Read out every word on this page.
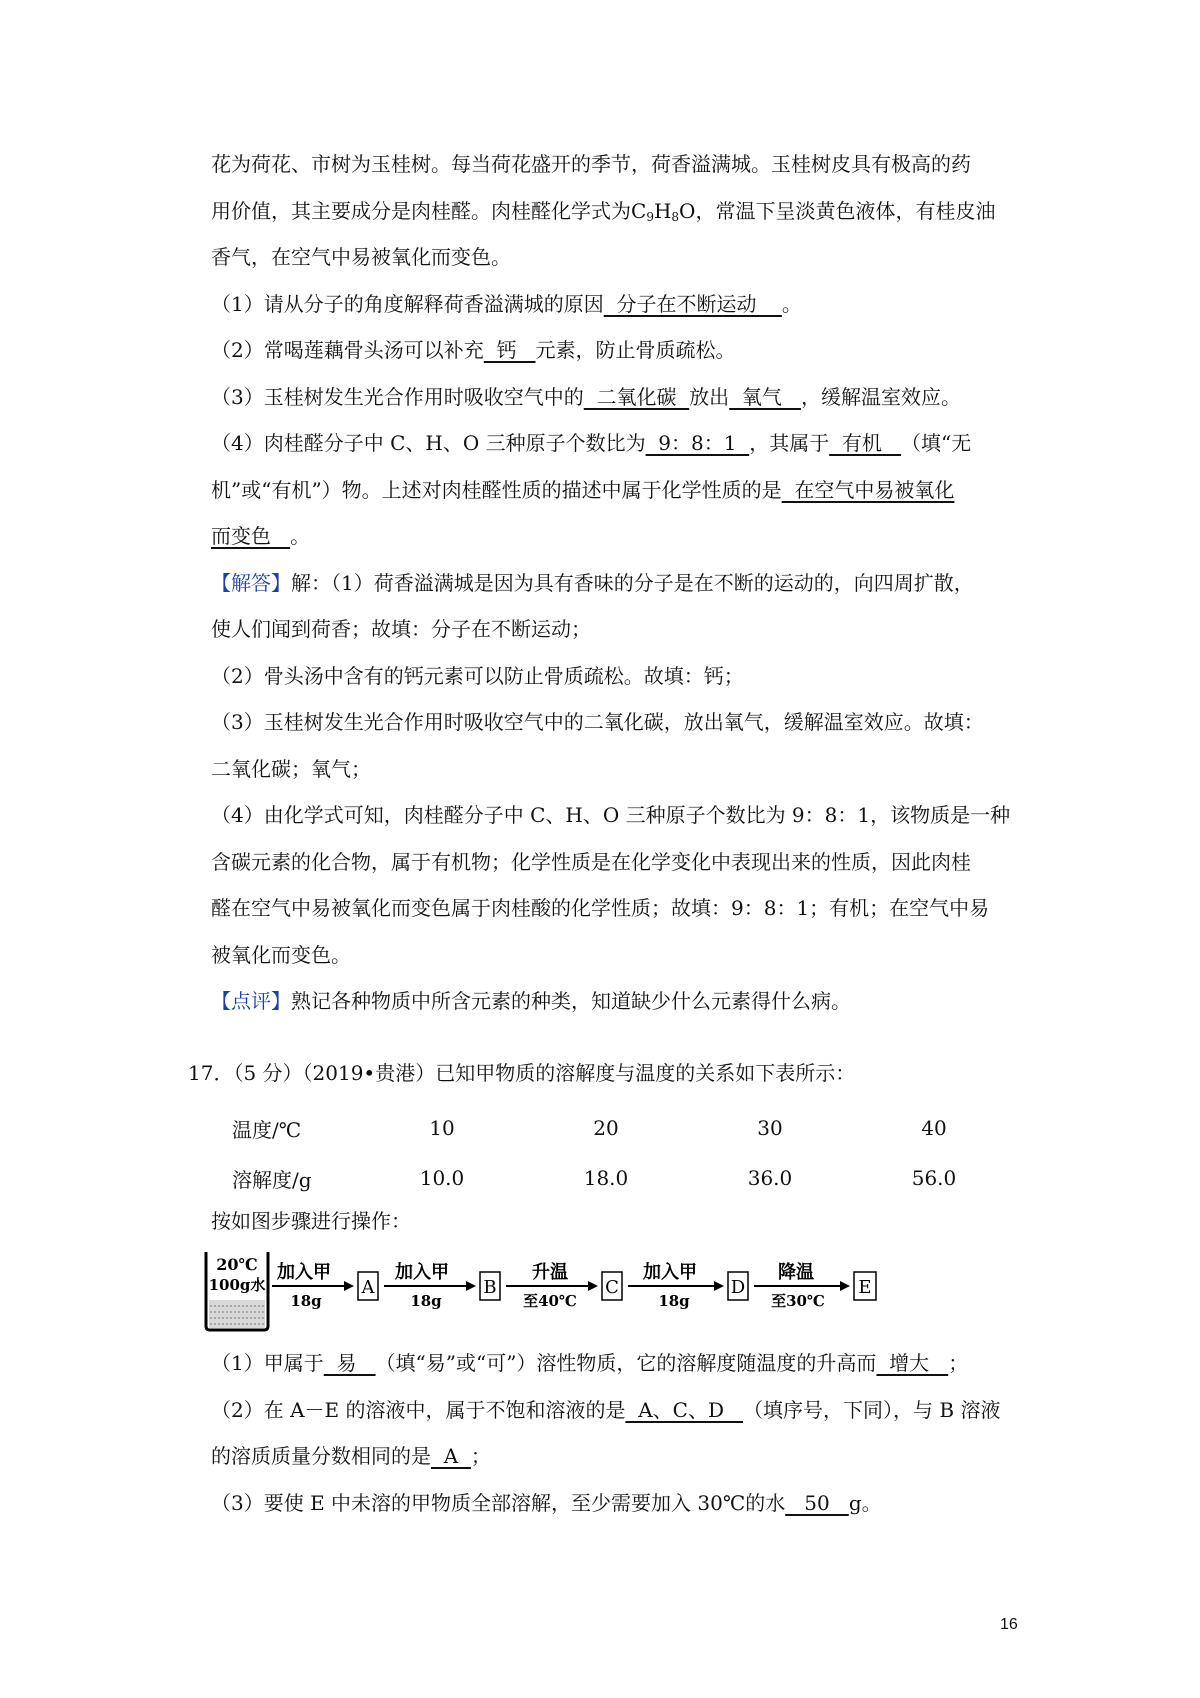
花为荷花、市树为玉桂树。每当荷花盛开的季节，荷香溢满城。玉桂树皮具有极高的药
用价值，其主要成分是肉桂醛。肉桂醛化学式为$C_9H_8O$，常温下呈淡黄色液体，有桂皮油
香气，在空气中易被氧化而变色。
（1）请从分子的角度解释荷香溢满城的原因  分子在不断运动    。
（2）常喝莲藕骨头汤可以补充  钙   元素，防止骨质疏松。
（3）玉桂树发生光合作用时吸收空气中的  二氧化碳  放出  氧气   ，缓解温室效应。
（4）肉桂醛分子中 C、H、O 三种原子个数比为  9：8：1  ，其属于  有机   （填“无
机”或“有机”）物。上述对肉桂醛性质的描述中属于化学性质的是  在空气中易被氧化
而变色   。
【解答】解：（1）荷香溢满城是因为具有香味的分子是在不断的运动的，向四周扩散，
使人们闻到荷香；故填：分子在不断运动；
（2）骨头汤中含有的钙元素可以防止骨质疏松。故填：钙；
（3）玉桂树发生光合作用时吸收空气中的二氧化碳，放出氧气，缓解温室效应。故填：
二氧化碳；氧气；
（4）由化学式可知，肉桂醛分子中 C、H、O 三种原子个数比为 9：8：1，该物质是一种
含碳元素的化合物，属于有机物；化学性质是在化学变化中表现出来的性质，因此肉桂
醛在空气中易被氧化而变色属于肉桂酸的化学性质；故填：9：8：1；有机；在空气中易
被氧化而变色。
【点评】熟记各种物质中所含元素的种类，知道缺少什么元素得什么病。
17．（5 分）（2019•贵港）已知甲物质的溶解度与温度的关系如下表所示：
温度/℃	10	20	30	40
溶解度/g	10.0	18.0	36.0	56.0
按如图步骤进行操作：
20℃
100g水
加入甲
18g
A
加入甲
18g
B
升温
至40℃
C
加入甲
18g
D
降温
至30℃
E
（1）甲属于  易   （填“易”或“可”）溶性物质，它的溶解度随温度的升高而  增大   ；
（2）在 A－E 的溶液中，属于不饱和溶液的是  A、C、D   （填序号，下同），与 B 溶液
的溶质质量分数相同的是  A  ；
（3）要使 E 中未溶的甲物质全部溶解，至少需要加入 30℃的水   50   g。
16
